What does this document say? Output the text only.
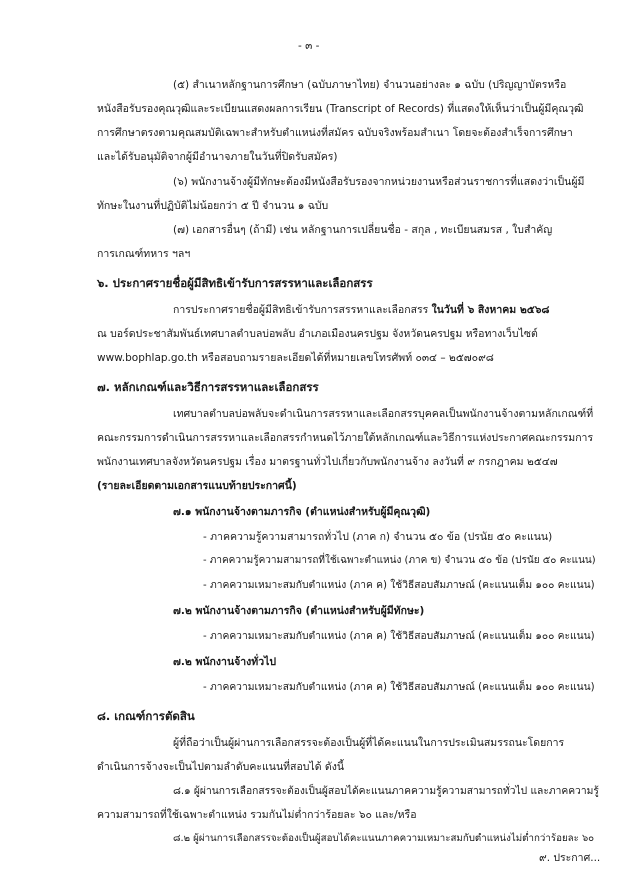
- ๓ -
(๕) สำเนาหลักฐานการศึกษา (ฉบับภาษาไทย) จำนวนอย่างละ ๑ ฉบับ (ปริญญาบัตรหรือ
หนังสือรับรองคุณวุฒิและระเบียนแสดงผลการเรียน (Transcript of Records) ที่แสดงให้เห็นว่าเป็นผู้มีคุณวุฒิ
การศึกษาตรงตามคุณสมบัติเฉพาะสำหรับตำแหน่งที่สมัคร ฉบับจริงพร้อมสำเนา โดยจะต้องสำเร็จการศึกษา
และได้รับอนุมัติจากผู้มีอำนาจภายในวันที่ปิดรับสมัคร)
(๖) พนักงานจ้างผู้มีทักษะต้องมีหนังสือรับรองจากหน่วยงานหรือส่วนราชการที่แสดงว่าเป็นผู้มี
ทักษะในงานที่ปฏิบัติไม่น้อยกว่า ๕ ปี จำนวน ๑ ฉบับ
(๗) เอกสารอื่นๆ (ถ้ามี) เช่น หลักฐานการเปลี่ยนชื่อ - สกุล , ทะเบียนสมรส , ใบสำคัญ
การเกณฑ์ทหาร ฯลฯ
๖. ประกาศรายชื่อผู้มีสิทธิเข้ารับการสรรหาและเลือกสรร
การประกาศรายชื่อผู้มีสิทธิเข้ารับการสรรหาและเลือกสรร ในวันที่ ๖ สิงหาคม ๒๕๖๘
ณ บอร์ดประชาสัมพันธ์เทศบาลตำบลบ่อพลับ อำเภอเมืองนครปฐม จังหวัดนครปฐม หรือทางเว็บไซต์
www.bophlap.go.th หรือสอบถามรายละเอียดได้ที่หมายเลขโทรศัพท์ ๐๓๔ – ๒๕๗๐๙๘
๗. หลักเกณฑ์และวิธีการสรรหาและเลือกสรร
เทศบาลตำบลบ่อพลับจะดำเนินการสรรหาและเลือกสรรบุคคลเป็นพนักงานจ้างตามหลักเกณฑ์ที่
คณะกรรมการดำเนินการสรรหาและเลือกสรรกำหนดไว้ภายใต้หลักเกณฑ์และวิธีการแห่งประกาศคณะกรรมการ
พนักงานเทศบาลจังหวัดนครปฐม เรื่อง มาตรฐานทั่วไปเกี่ยวกับพนักงานจ้าง ลงวันที่ ๙ กรกฎาคม ๒๕๔๗
(รายละเอียดตามเอกสารแนบท้ายประกาศนี้)
๗.๑ พนักงานจ้างตามภารกิจ (ตำแหน่งสำหรับผู้มีคุณวุฒิ)
- ภาคความรู้ความสามารถทั่วไป (ภาค ก) จำนวน ๕๐ ข้อ (ปรนัย ๕๐ คะแนน)
- ภาคความรู้ความสามารถที่ใช้เฉพาะตำแหน่ง (ภาค ข) จำนวน ๕๐ ข้อ (ปรนัย ๕๐ คะแนน)
- ภาคความเหมาะสมกับตำแหน่ง (ภาค ค) ใช้วิธีสอบสัมภาษณ์ (คะแนนเต็ม ๑๐๐ คะแนน)
๗.๒ พนักงานจ้างตามภารกิจ (ตำแหน่งสำหรับผู้มีทักษะ)
- ภาคความเหมาะสมกับตำแหน่ง (ภาค ค) ใช้วิธีสอบสัมภาษณ์ (คะแนนเต็ม ๑๐๐ คะแนน)
๗.๒ พนักงานจ้างทั่วไป
- ภาคความเหมาะสมกับตำแหน่ง (ภาค ค) ใช้วิธีสอบสัมภาษณ์ (คะแนนเต็ม ๑๐๐ คะแนน)
๘. เกณฑ์การตัดสิน
ผู้ที่ถือว่าเป็นผู้ผ่านการเลือกสรรจะต้องเป็นผู้ที่ได้คะแนนในการประเมินสมรรถนะโดยการ
ดำเนินการจ้างจะเป็นไปตามลำดับคะแนนที่สอบได้ ดังนี้
๘.๑ ผู้ผ่านการเลือกสรรจะต้องเป็นผู้สอบได้คะแนนภาคความรู้ความสามารถทั่วไป และภาคความรู้
ความสามารถที่ใช้เฉพาะตำแหน่ง รวมกันไม่ต่ำกว่าร้อยละ ๖๐ และ/หรือ
๘.๒ ผู้ผ่านการเลือกสรรจะต้องเป็นผู้สอบได้คะแนนภาคความเหมาะสมกับตำแหน่งไม่ต่ำกว่าร้อยละ ๖๐
๙. ประกาศ...
